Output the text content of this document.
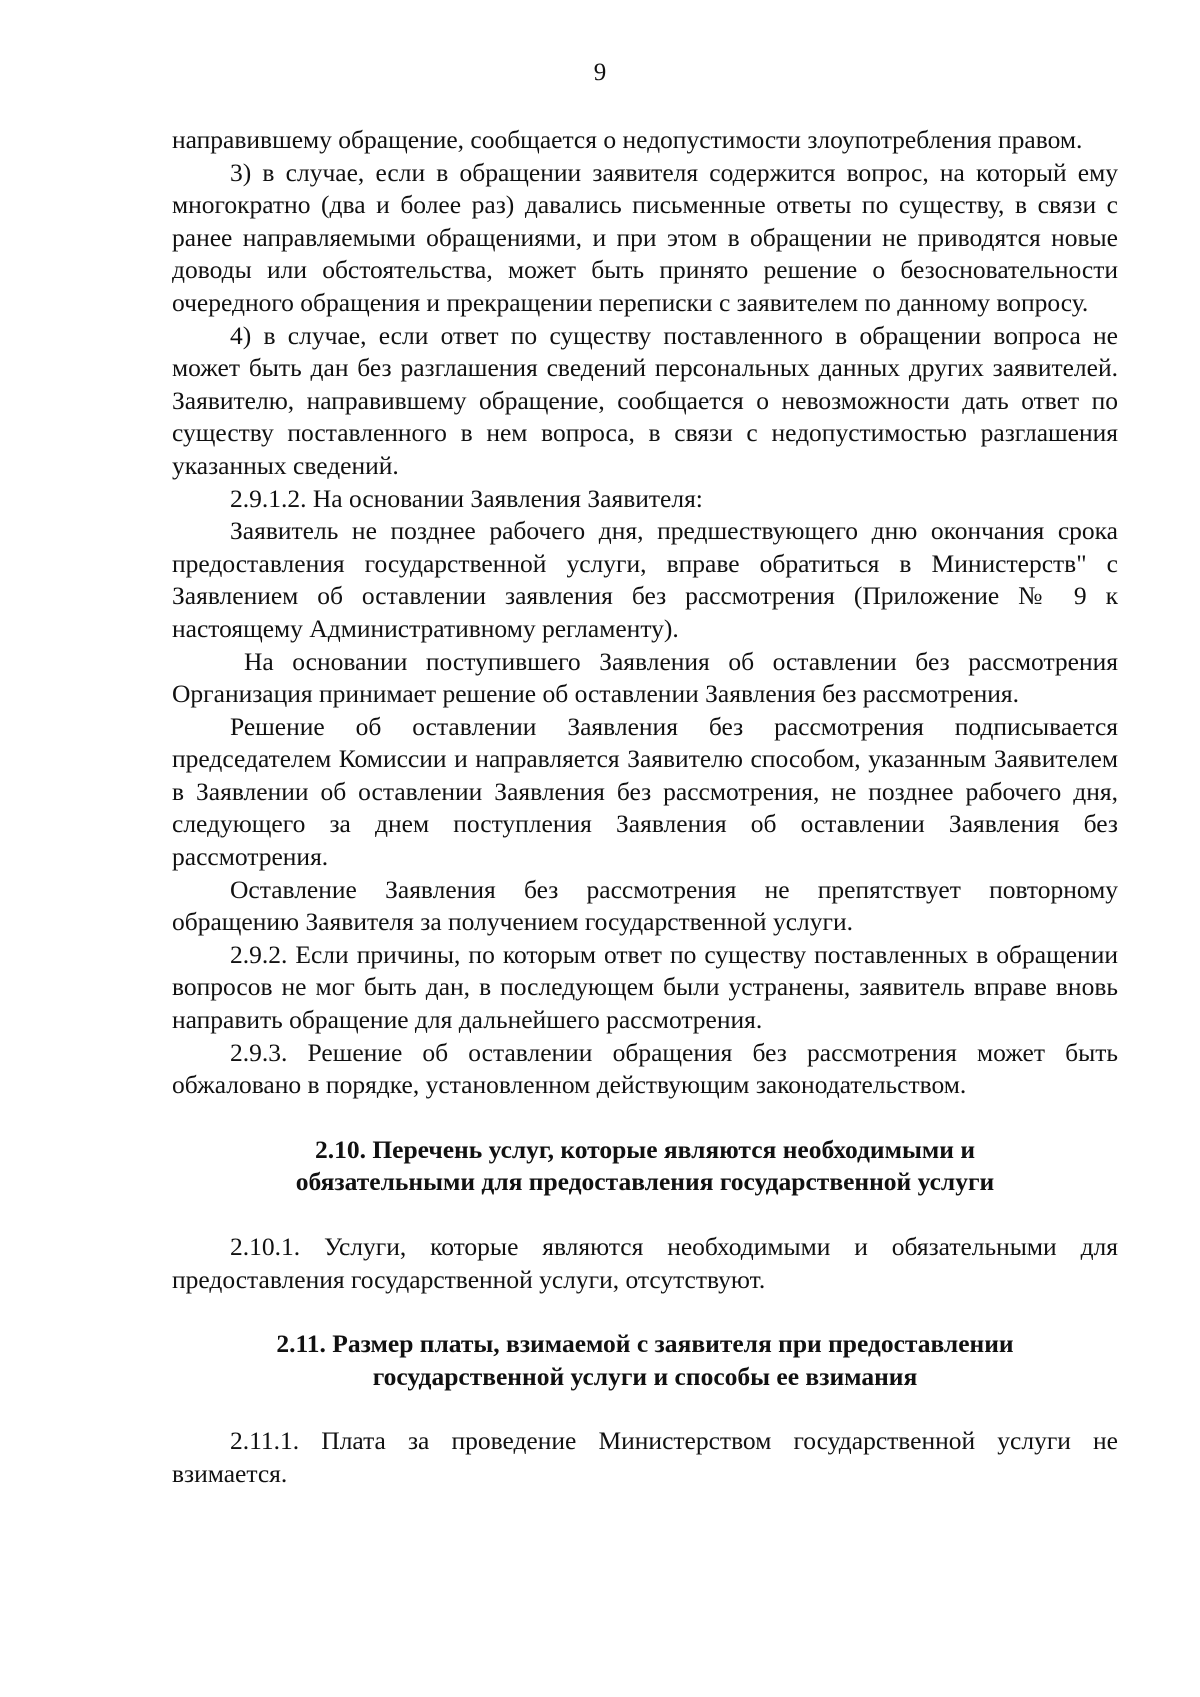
9

направившему обращение, сообщается о недопустимости злоупотребления правом.

3) в случае, если в обращении заявителя содержится вопрос, на который ему многократно (два и более раз) давались письменные ответы по существу, в связи с ранее направляемыми обращениями, и при этом в обращении не приводятся новые доводы или обстоятельства, может быть принято решение о безосновательности очередного обращения и прекращении переписки с заявителем по данному вопросу.

4) в случае, если ответ по существу поставленного в обращении вопроса не может быть дан без разглашения сведений персональных данных других заявителей. Заявителю, направившему обращение, сообщается о невозможности дать ответ по существу поставленного в нем вопроса, в связи с недопустимостью разглашения указанных сведений.

2.9.1.2. На основании Заявления Заявителя:

Заявитель не позднее рабочего дня, предшествующего дню окончания срока предоставления государственной услуги, вправе обратиться в Министерств" с Заявлением об оставлении заявления без рассмотрения (Приложение № 9 к настоящему Административному регламенту).

На основании поступившего Заявления об оставлении без рассмотрения Организация принимает решение об оставлении Заявления без рассмотрения.

Решение об оставлении Заявления без рассмотрения подписывается председателем Комиссии и направляется Заявителю способом, указанным Заявителем в Заявлении об оставлении Заявления без рассмотрения, не позднее рабочего дня, следующего за днем поступления Заявления об оставлении Заявления без рассмотрения.

Оставление Заявления без рассмотрения не препятствует повторному обращению Заявителя за получением государственной услуги.

2.9.2. Если причины, по которым ответ по существу поставленных в обращении вопросов не мог быть дан, в последующем были устранены, заявитель вправе вновь направить обращение для дальнейшего рассмотрения.

2.9.3. Решение об оставлении обращения без рассмотрения может быть обжаловано в порядке, установленном действующим законодательством.

2.10. Перечень услуг, которые являются необходимыми и
обязательными для предоставления государственной услуги

2.10.1. Услуги, которые являются необходимыми и обязательными для предоставления государственной услуги, отсутствуют.

2.11. Размер платы, взимаемой с заявителя при предоставлении
государственной услуги и способы ее взимания

2.11.1. Плата за проведение Министерством государственной услуги не взимается.
